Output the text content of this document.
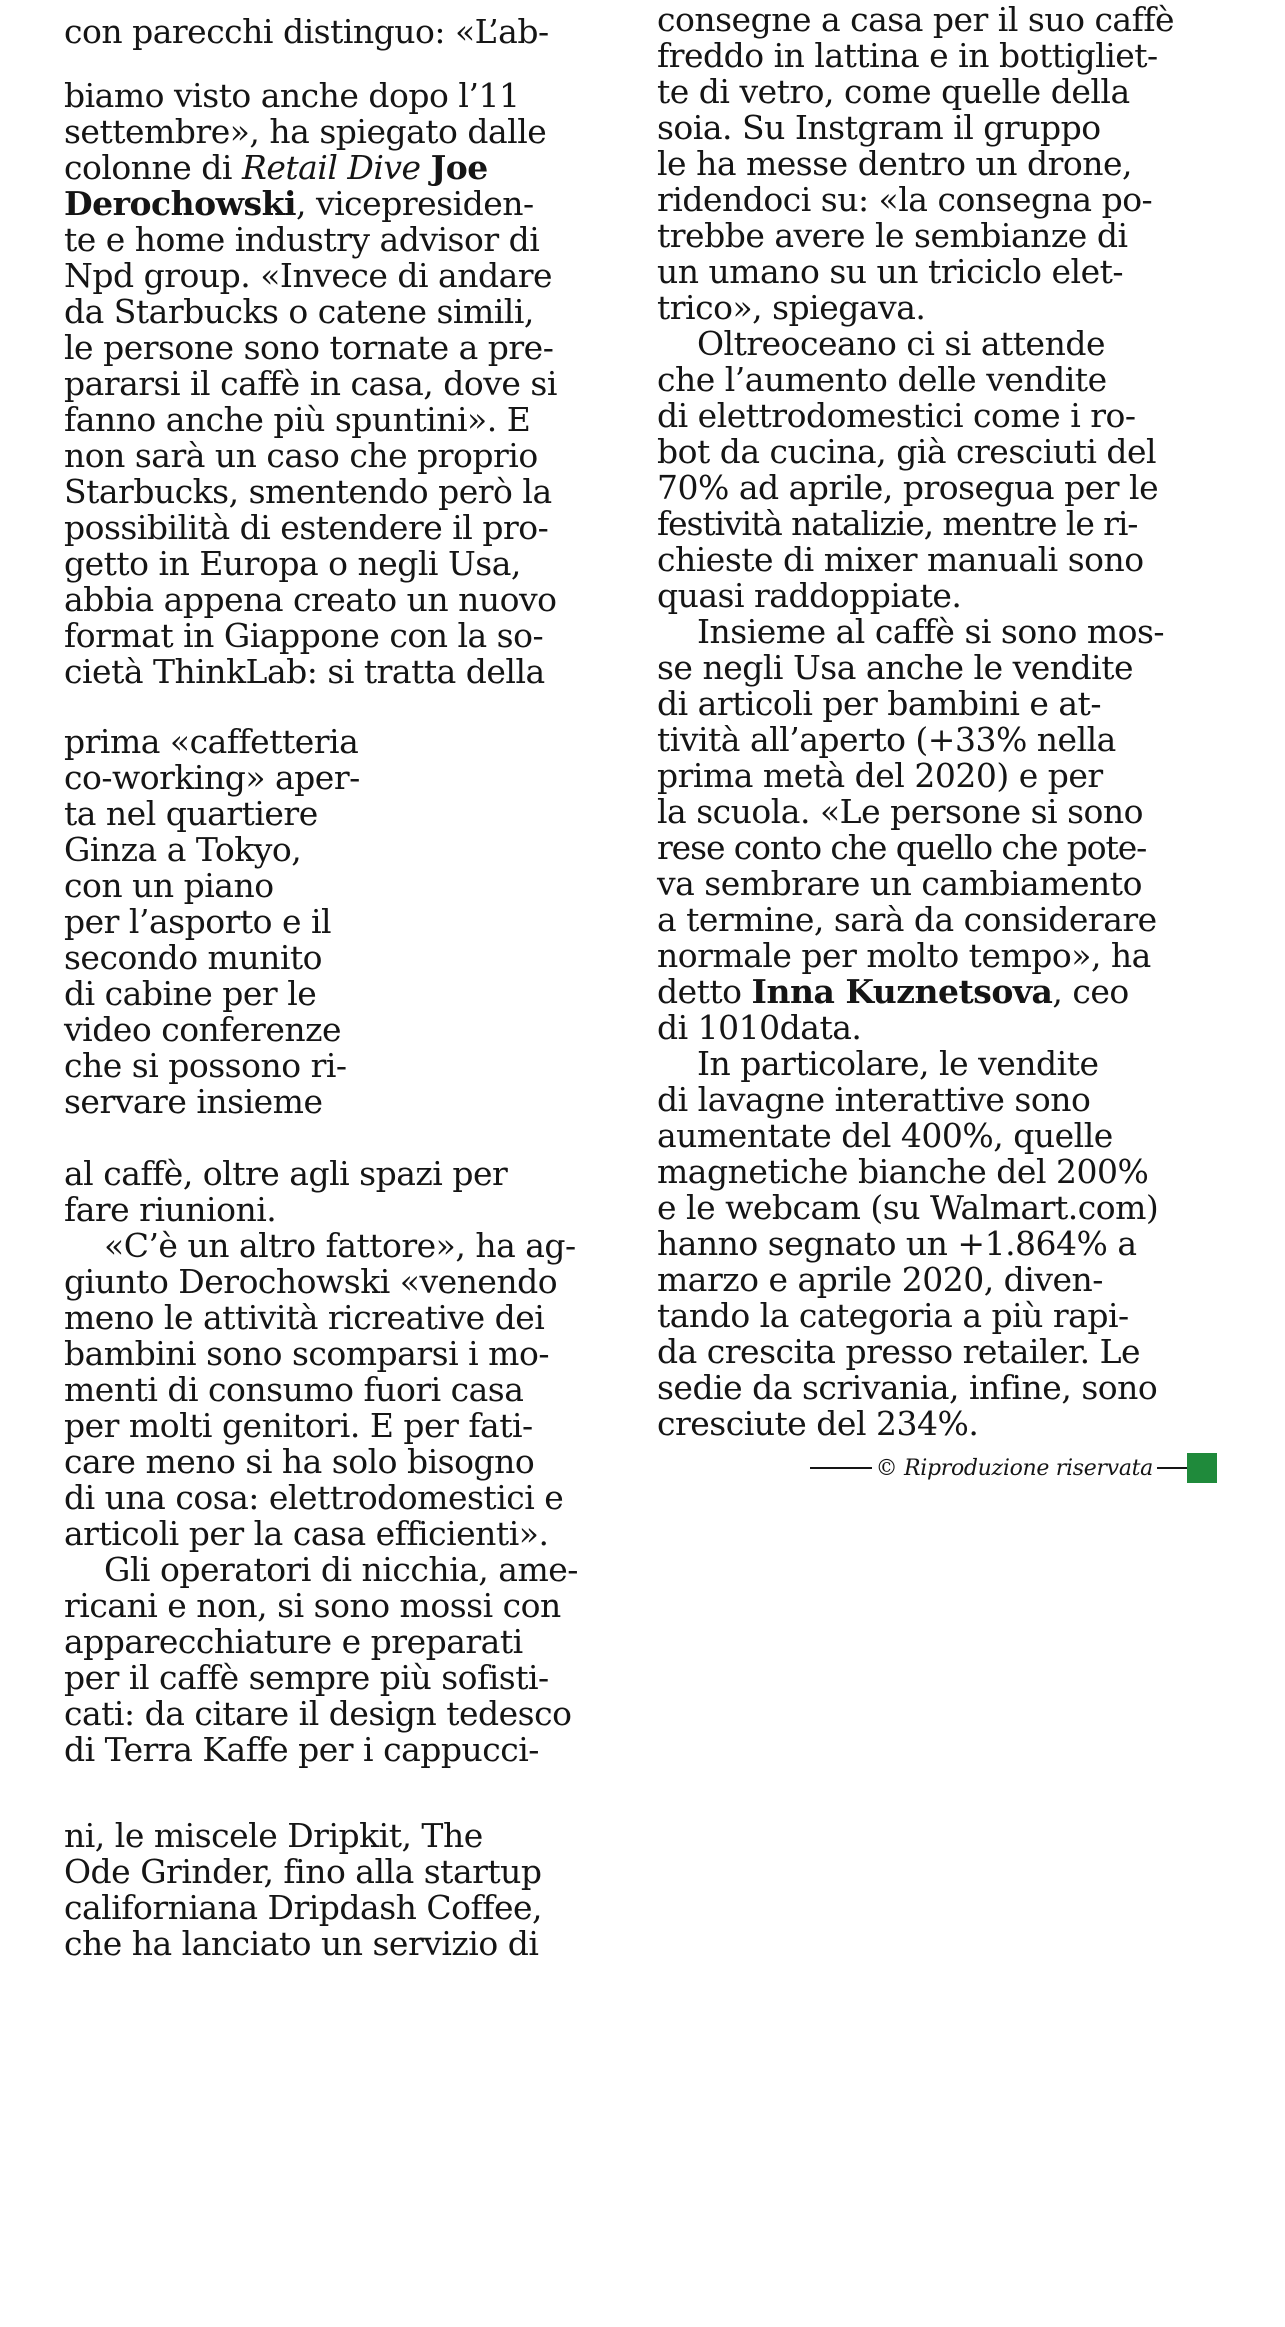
con parecchi distinguo: «L’ab-
biamo visto anche dopo l’11
settembre», ha spiegato dalle
colonne di Retail Dive Joe
Derochowski, vicepresiden-
te e home industry advisor di
Npd group. «Invece di andare
da Starbucks o catene simili,
le persone sono tornate a pre-
pararsi il caffè in casa, dove si
fanno anche più spuntini». E
non sarà un caso che proprio
Starbucks, smentendo però la
possibilità di estendere il pro-
getto in Europa o negli Usa,
abbia appena creato un nuovo
format in Giappone con la so-
cietà ThinkLab: si tratta della
prima «caffetteria
co-working» aper-
ta nel quartiere
Ginza a Tokyo,
con un piano
per l’asporto e il
secondo munito
di cabine per le
video conferenze
che si possono ri-
servare insieme
al caffè, oltre agli spazi per
fare riunioni.
«C’è un altro fattore», ha ag-
giunto Derochowski «venendo
meno le attività ricreative dei
bambini sono scomparsi i mo-
menti di consumo fuori casa
per molti genitori. E per fati-
care meno si ha solo bisogno
di una cosa: elettrodomestici e
articoli per la casa efficienti».
Gli operatori di nicchia, ame-
ricani e non, si sono mossi con
apparecchiature e preparati
per il caffè sempre più sofisti-
cati: da citare il design tedesco
di Terra Kaffe per i cappucci-
ni, le miscele Dripkit, The
Ode Grinder, fino alla startup
californiana Dripdash Coffee,
che ha lanciato un servizio di
consegne a casa per il suo caffè
freddo in lattina e in bottigliet-
te di vetro, come quelle della
soia. Su Instgram il gruppo
le ha messe dentro un drone,
ridendoci su: «la consegna po-
trebbe avere le sembianze di
un umano su un triciclo elet-
trico», spiegava.
Oltreoceano ci si attende
che l’aumento delle vendite
di elettrodomestici come i ro-
bot da cucina, già cresciuti del
70% ad aprile, prosegua per le
festività natalizie, mentre le ri-
chieste di mixer manuali sono
quasi raddoppiate.
Insieme al caffè si sono mos-
se negli Usa anche le vendite
di articoli per bambini e at-
tività all’aperto (+33% nella
prima metà del 2020) e per
la scuola. «Le persone si sono
rese conto che quello che pote-
va sembrare un cambiamento
a termine, sarà da considerare
normale per molto tempo», ha
detto Inna Kuznetsova, ceo
di 1010data.
In particolare, le vendite
di lavagne interattive sono
aumentate del 400%, quelle
magnetiche bianche del 200%
e le webcam (su Walmart.com)
hanno segnato un +1.864% a
marzo e aprile 2020, diven-
tando la categoria a più rapi-
da crescita presso retailer. Le
sedie da scrivania, infine, sono
cresciute del 234%.
© Riproduzione riservata
